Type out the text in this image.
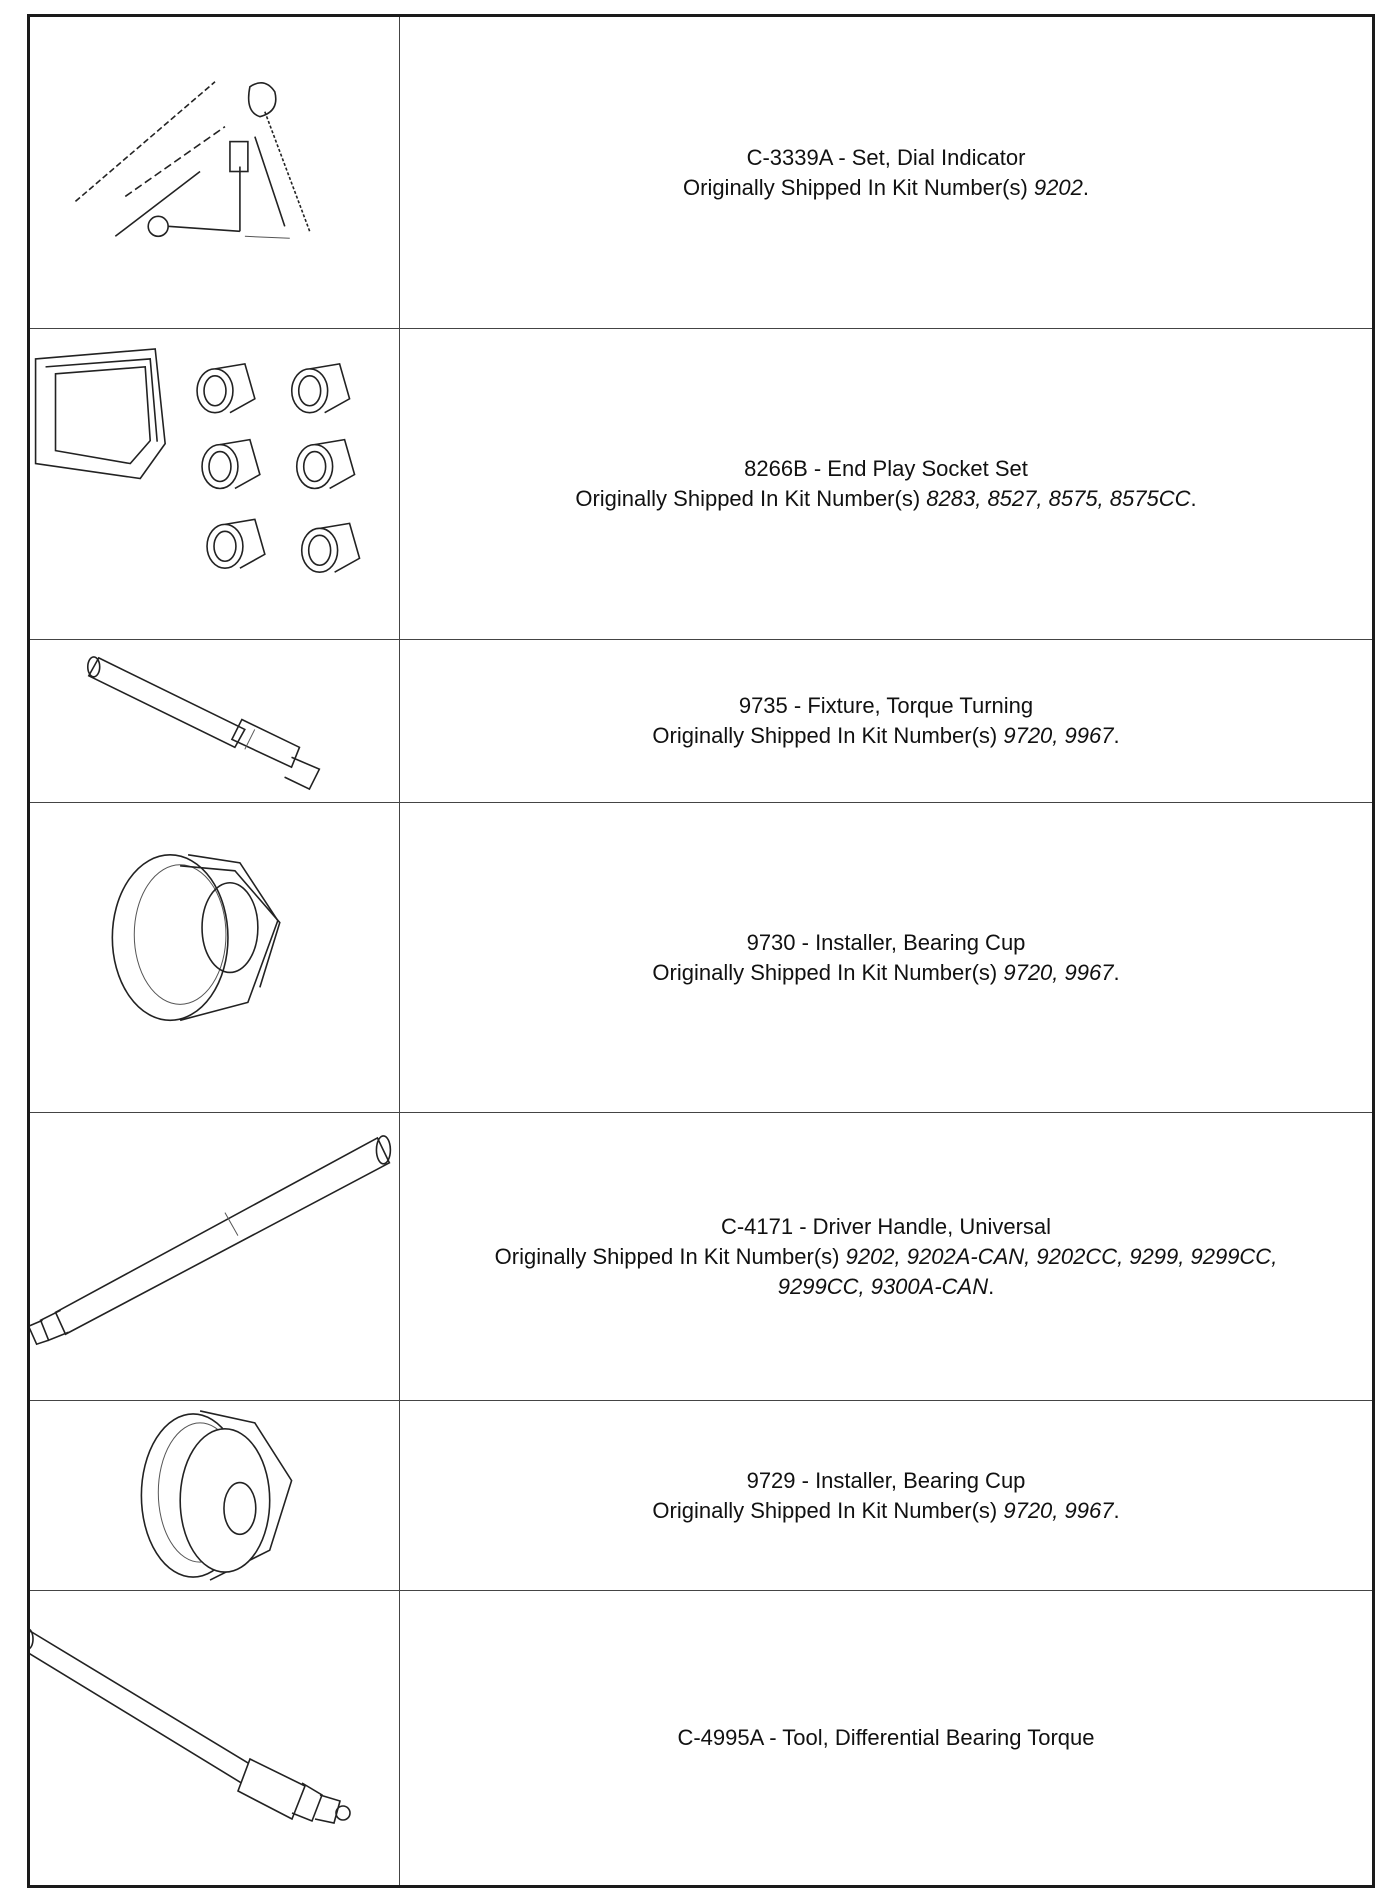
C-3339A - Set, Dial Indicator
Originally Shipped In Kit Number(s) 9202.
8266B - End Play Socket Set
Originally Shipped In Kit Number(s) 8283, 8527, 8575, 8575CC.
9735 - Fixture, Torque Turning
Originally Shipped In Kit Number(s) 9720, 9967.
9730 - Installer, Bearing Cup
Originally Shipped In Kit Number(s) 9720, 9967.
C-4171 - Driver Handle, Universal
Originally Shipped In Kit Number(s) 9202, 9202A-CAN, 9202CC, 9299, 9299CC,
9299CC, 9300A-CAN.
9729 - Installer, Bearing Cup
Originally Shipped In Kit Number(s) 9720, 9967.
C-4995A - Tool, Differential Bearing Torque
